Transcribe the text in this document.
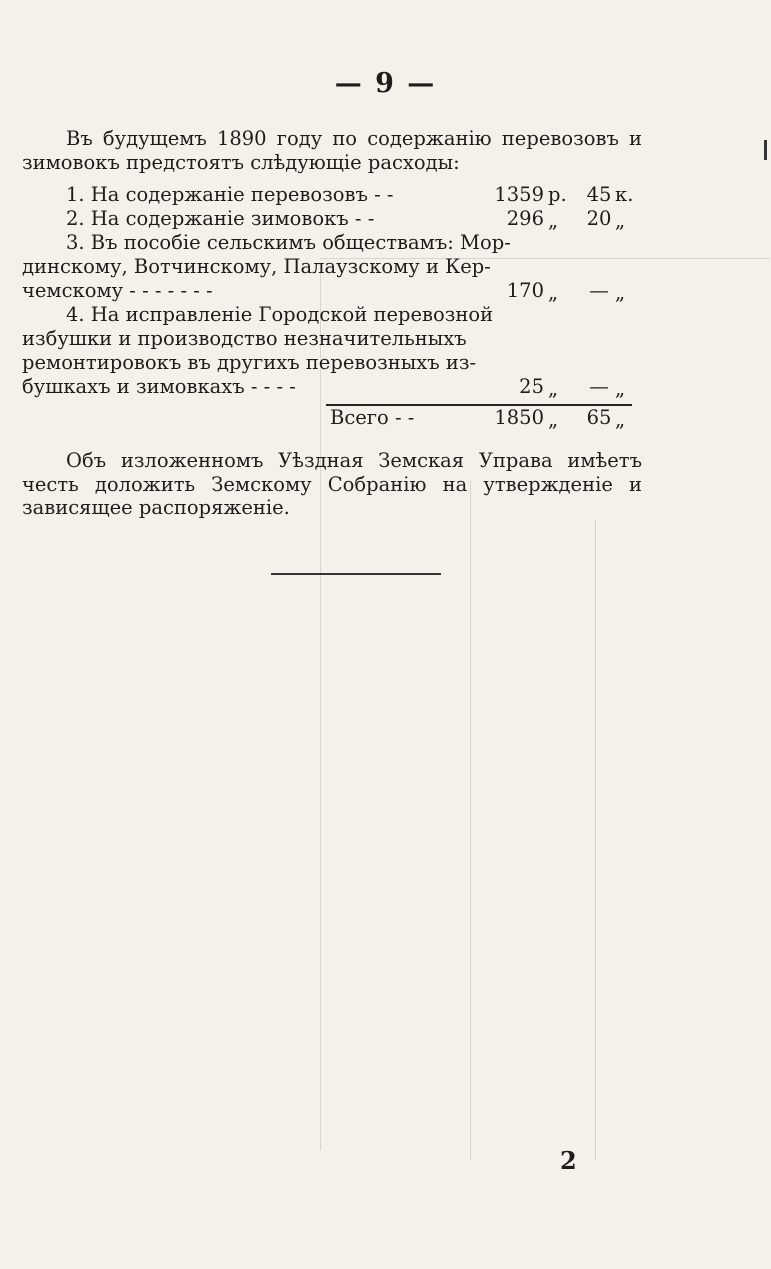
— 9 —
Въ будущемъ 1890 году по содержанію перевозовъ и зимовокъ предстоятъ слѣдующіе расходы:
1. На содержаніе перевозовъ - -	1359 р.	45 к.
2. На содержаніе зимовокъ - -	296 „	20 „
3. Въ пособіе сельскимъ обществамъ: Мор-
динскому, Вотчинскому, Палаузскому и Кер-
чемскому - - - - - - -	170 „	— „
4. На исправленіе Городской перевозной
избушки и производство незначительныхъ
ремонтировокъ въ другихъ перевозныхъ из-
бушкахъ и зимовкахъ - - - -	25 „	— „
Всего - -	1850 „	65 „
Объ изложенномъ Уѣздная Земская Управа имѣетъ честь доложить Земскому Собранію на утвержденіе и зависящее распоряженіе.
2
